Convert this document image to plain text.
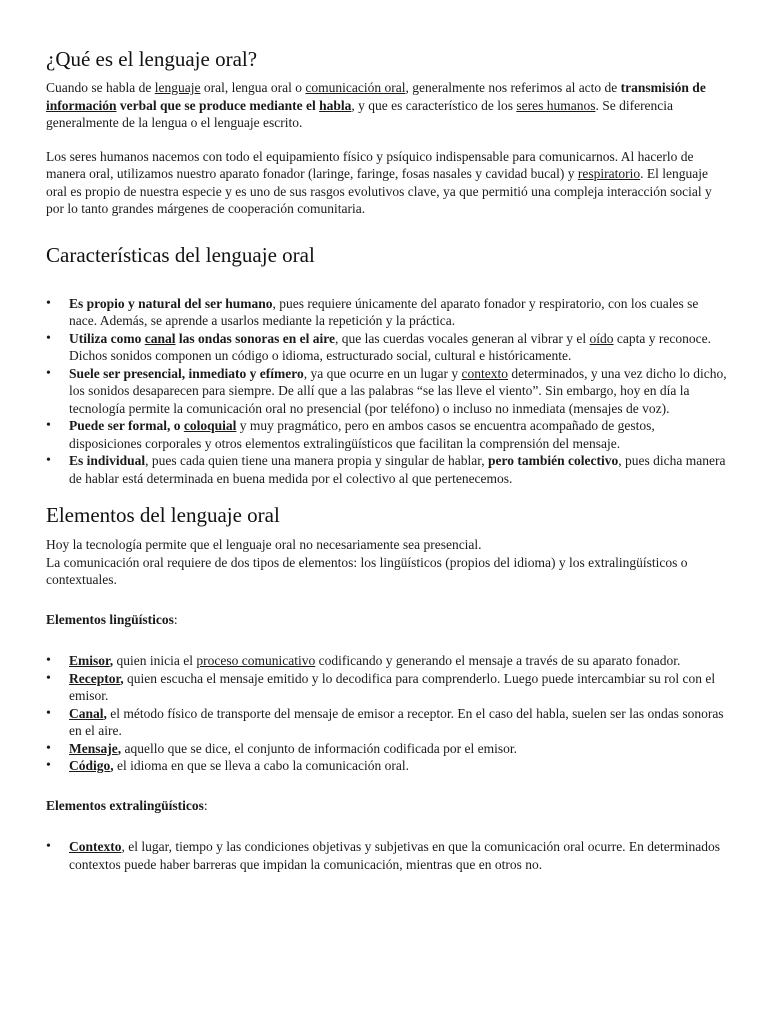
¿Qué es el lenguaje oral?

Cuando se habla de lenguaje oral, lengua oral o comunicación oral, generalmente nos referimos al acto de transmisión de información verbal que se produce mediante el habla, y que es característico de los seres humanos. Se diferencia generalmente de la lengua o el lenguaje escrito.

Los seres humanos nacemos con todo el equipamiento físico y psíquico indispensable para comunicarnos. Al hacerlo de manera oral, utilizamos nuestro aparato fonador (laringe, faringe, fosas nasales y cavidad bucal) y respiratorio. El lenguaje oral es propio de nuestra especie y es uno de sus rasgos evolutivos clave, ya que permitió una compleja interacción social y por lo tanto grandes márgenes de cooperación comunitaria.

Características del lenguaje oral
• Es propio y natural del ser humano, pues requiere únicamente del aparato fonador y respiratorio, con los cuales se nace. Además, se aprende a usarlos mediante la repetición y la práctica.
• Utiliza como canal las ondas sonoras en el aire, que las cuerdas vocales generan al vibrar y el oído capta y reconoce. Dichos sonidos componen un código o idioma, estructurado social, cultural e históricamente.
• Suele ser presencial, inmediato y efímero, ya que ocurre en un lugar y contexto determinados, y una vez dicho lo dicho, los sonidos desaparecen para siempre. De allí que a las palabras “se las lleve el viento”. Sin embargo, hoy en día la tecnología permite la comunicación oral no presencial (por teléfono) o incluso no inmediata (mensajes de voz).
• Puede ser formal, o coloquial y muy pragmático, pero en ambos casos se encuentra acompañado de gestos, disposiciones corporales y otros elementos extralingüísticos que facilitan la comprensión del mensaje.
• Es individual, pues cada quien tiene una manera propia y singular de hablar, pero también colectivo, pues dicha manera de hablar está determinada en buena medida por el colectivo al que pertenecemos.
Elementos del lenguaje oral

Hoy la tecnología permite que el lenguaje oral no necesariamente sea presencial.

La comunicación oral requiere de dos tipos de elementos: los lingüísticos (propios del idioma) y los extralingüísticos o contextuales.

Elementos lingüísticos:

• Emisor, quien inicia el proceso comunicativo codificando y generando el mensaje a través de su aparato fonador.
• Receptor, quien escucha el mensaje emitido y lo decodifica para comprenderlo. Luego puede intercambiar su rol con el emisor.
• Canal, el método físico de transporte del mensaje de emisor a receptor. En el caso del habla, suelen ser las ondas sonoras en el aire.
• Mensaje, aquello que se dice, el conjunto de información codificada por el emisor.
• Código, el idioma en que se lleva a cabo la comunicación oral.

Elementos extralingüísticos:

• Contexto, el lugar, tiempo y las condiciones objetivas y subjetivas en que la comunicación oral ocurre. En determinados contextos puede haber barreras que impidan la comunicación, mientras que en otros no.
